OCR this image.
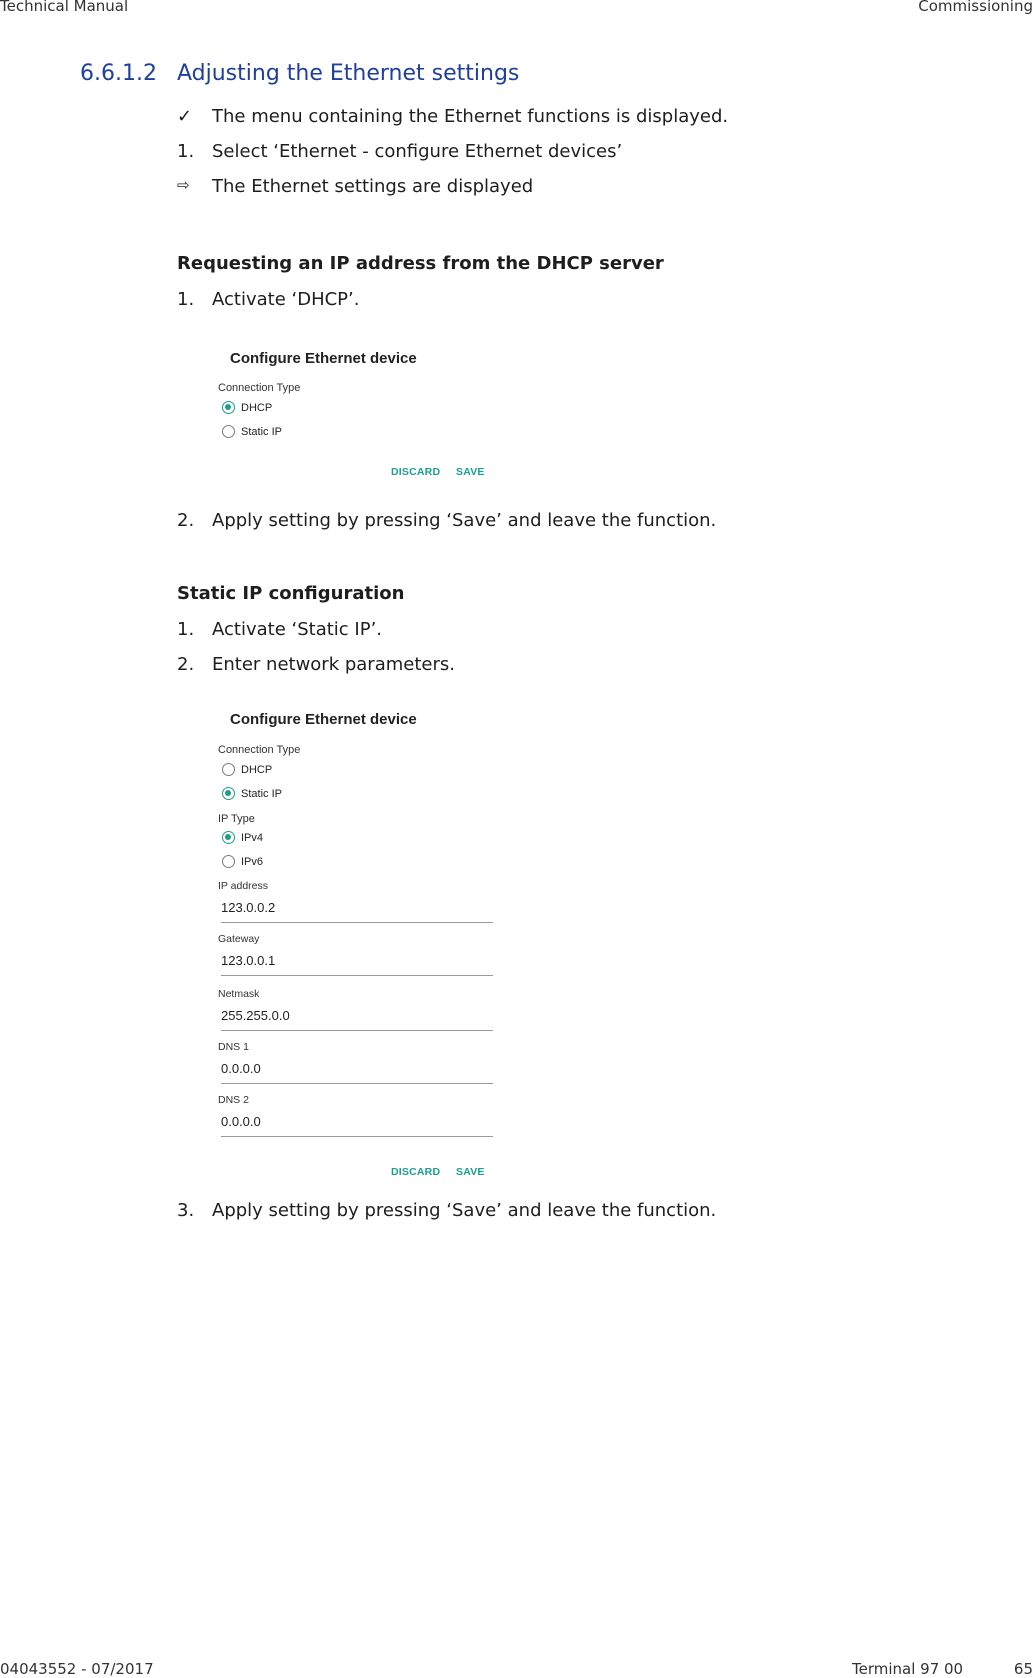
Technical Manual	Commissioning
6.6.1.2 Adjusting the Ethernet settings
✓ The menu containing the Ethernet functions is displayed.
1. Select ‘Ethernet - configure Ethernet devices’
⇨ The Ethernet settings are displayed
Requesting an IP address from the DHCP server
1. Activate ‘DHCP’.
Configure Ethernet device
Connection Type
DHCP
Static IP
DISCARD SAVE
2. Apply setting by pressing ‘Save’ and leave the function.
Static IP configuration
1. Activate ‘Static IP’.
2. Enter network parameters.
Configure Ethernet device
Connection Type
DHCP
Static IP
IP Type
IPv4
IPv6
IP address
123.0.0.2
Gateway
123.0.0.1
Netmask
255.255.0.0
DNS 1
0.0.0.0
DNS 2
0.0.0.0
DISCARD SAVE
3. Apply setting by pressing ‘Save’ and leave the function.
04043552 - 07/2017	Terminal 97 00	65
